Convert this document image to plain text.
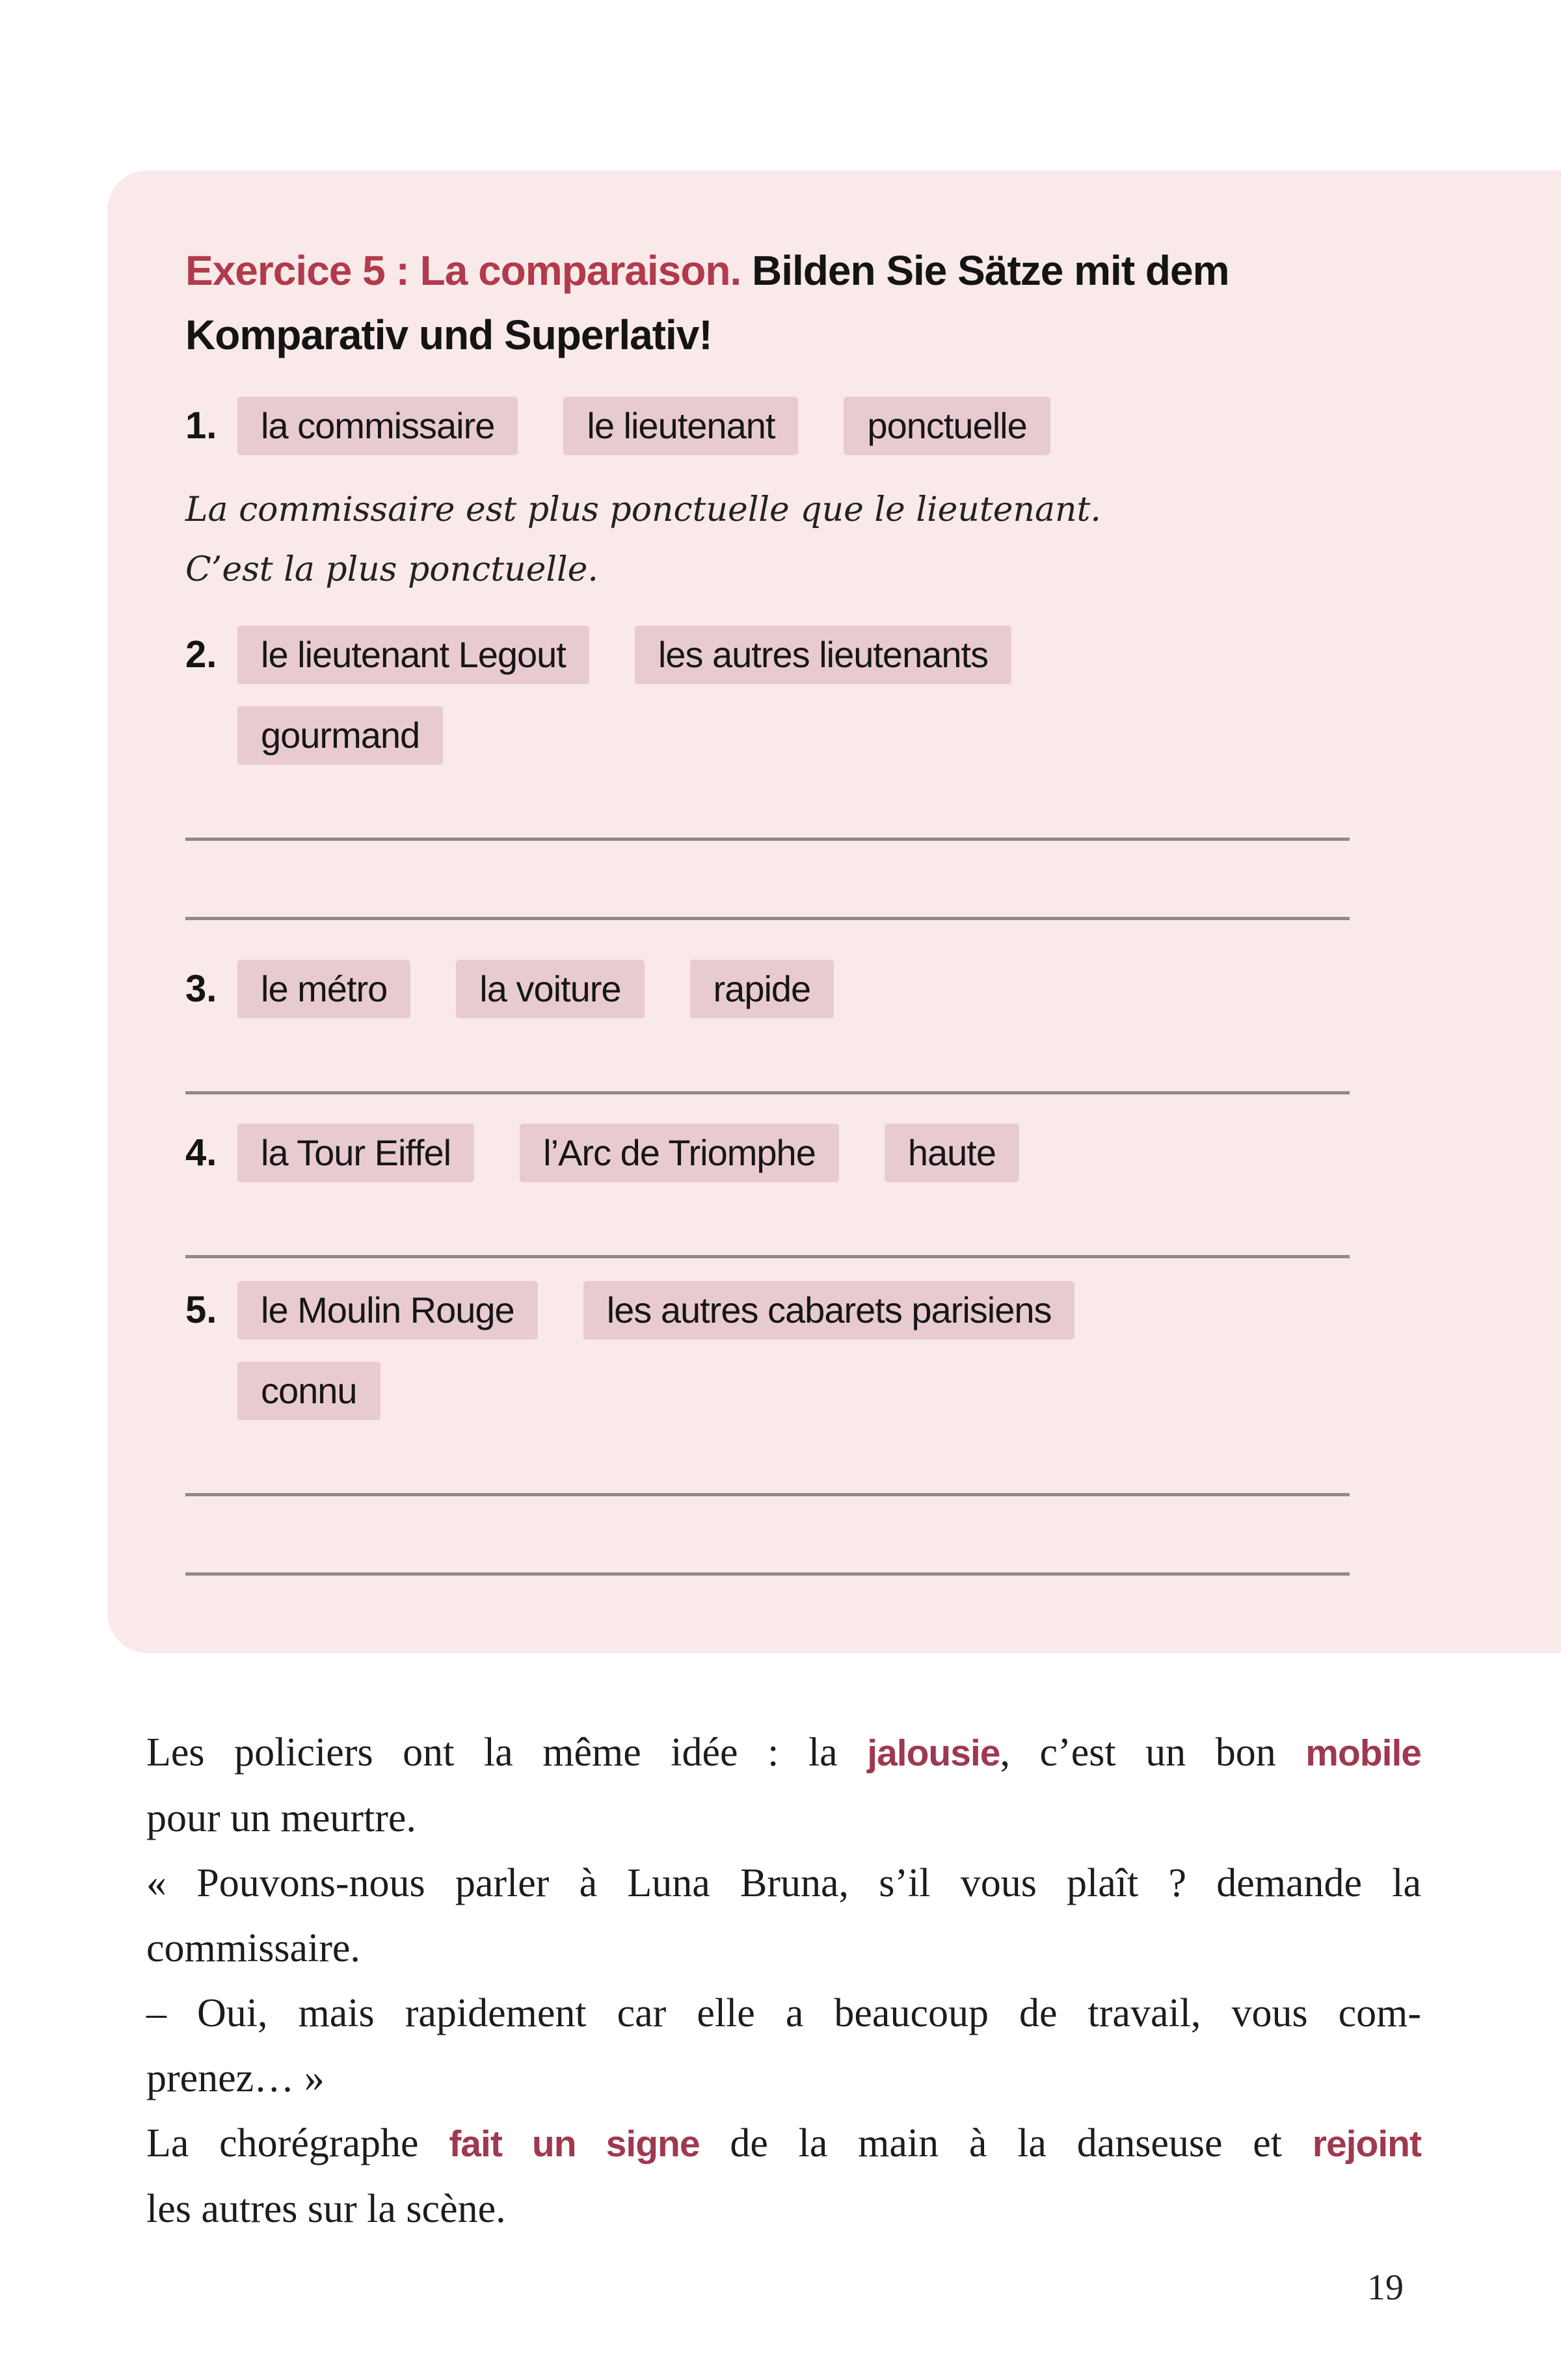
Exercice 5 : La comparaison. Bilden Sie Sätze mit dem Komparativ und Superlativ!
1.	la commissaire	le lieutenant	ponctuelle
La commissaire est plus ponctuelle que le lieutenant.
C’est la plus ponctuelle.
2.	le lieutenant Legout	les autres lieutenants
gourmand
3.	le métro	la voiture	rapide
4.	la Tour Eiffel	l’Arc de Triomphe	haute
5.	le Moulin Rouge	les autres cabarets parisiens
connu
Les policiers ont la même idée : la jalousie, c’est un bon mobile
pour un meurtre.
« Pouvons-nous parler à Luna Bruna, s’il vous plaît ? demande la
commissaire.
– Oui, mais rapidement car elle a beaucoup de travail, vous com-
prenez… »
La chorégraphe fait un signe de la main à la danseuse et rejoint
les autres sur la scène.
19
